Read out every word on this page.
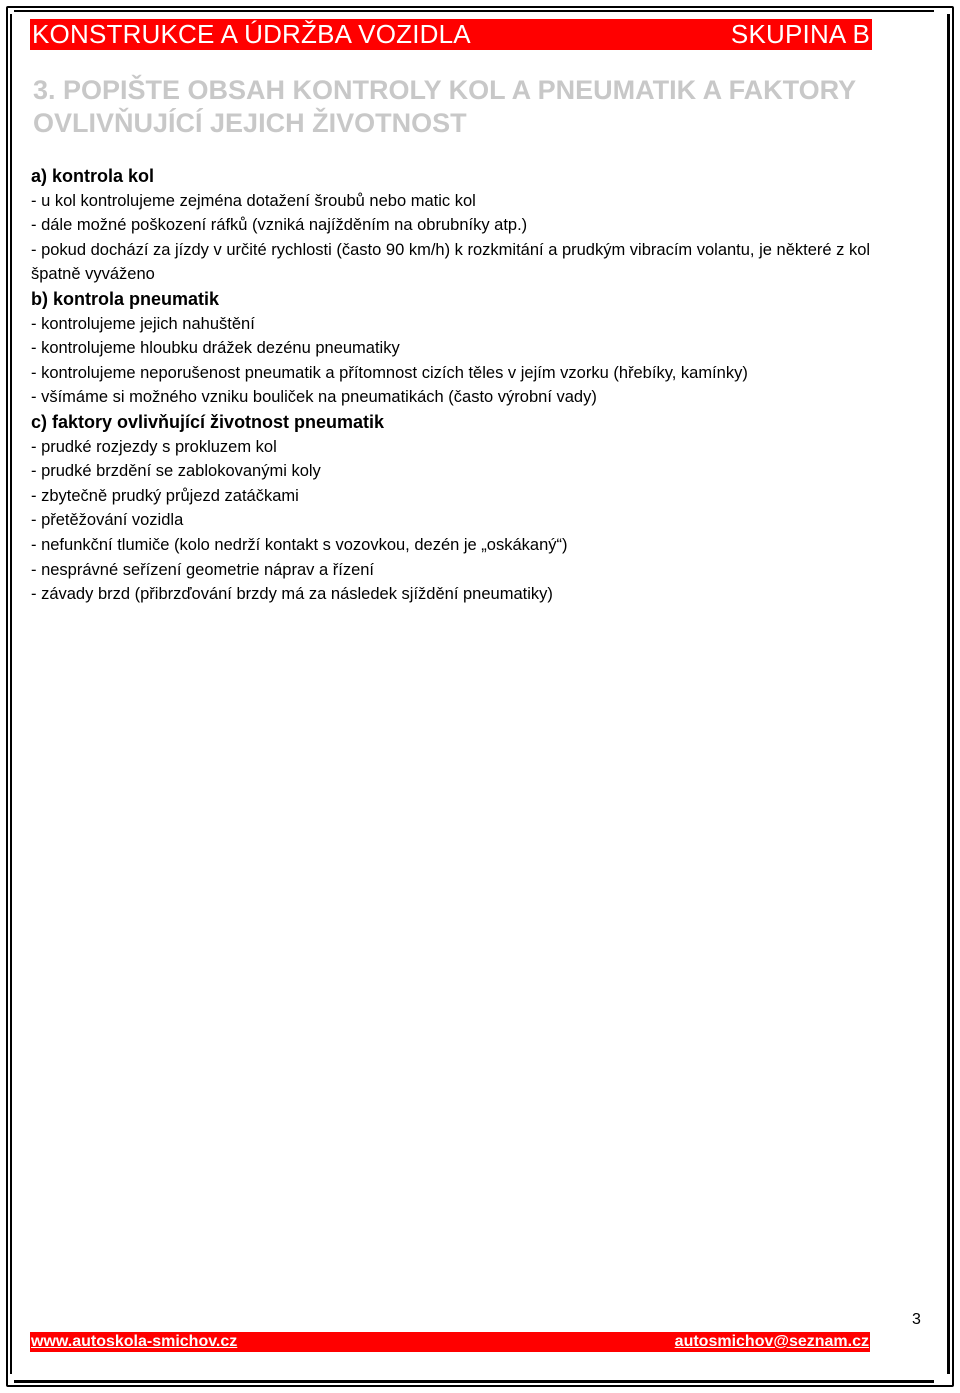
KONSTRUKCE A ÚDRŽBA VOZIDLA	SKUPINA B
3. POPIŠTE OBSAH KONTROLY KOL A PNEUMATIK A FAKTORY OVLIVŇUJÍCÍ JEJICH ŽIVOTNOST
a) kontrola kol
- u kol kontrolujeme zejména dotažení šroubů nebo matic kol
- dále možné poškození ráfků (vzniká najížděním na obrubníky atp.)
- pokud dochází za jízdy v určité rychlosti (často 90 km/h) k rozkmitání a prudkým vibracím volantu, je některé z kol špatně vyváženo
b) kontrola pneumatik
- kontrolujeme jejich nahuštění
- kontrolujeme hloubku drážek dezénu pneumatiky
- kontrolujeme neporušenost pneumatik a přítomnost cizích těles v jejím vzorku (hřebíky, kamínky)
- všímáme si možného vzniku bouliček na pneumatikách (často výrobní vady)
c) faktory ovlivňující životnost pneumatik
- prudké rozjezdy s prokluzem kol
- prudké brzdění se zablokovanými koly
- zbytečně prudký průjezd zatáčkami
- přetěžování vozidla
- nefunkční tlumiče (kolo nedrží kontakt s vozovkou, dezén je „oskákaný“)
- nesprávné seřízení geometrie náprav a řízení
- závady brzd (přibrzďování brzdy má za následek sjíždění pneumatiky)
3
www.autoskola-smichov.cz	autosmichov@seznam.cz
